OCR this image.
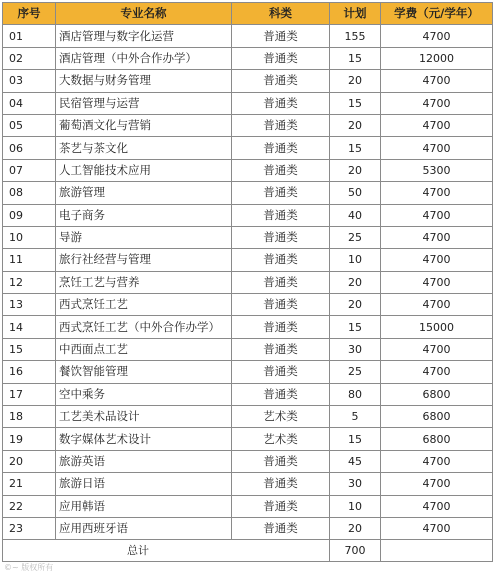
序号	专业名称	科类	计划	学费（元/学年）
01	酒店管理与数字化运营	普通类	155	4700
02	酒店管理（中外合作办学）	普通类	15	12000
03	大数据与财务管理	普通类	20	4700
04	民宿管理与运营	普通类	15	4700
05	葡萄酒文化与营销	普通类	20	4700
06	茶艺与茶文化	普通类	15	4700
07	人工智能技术应用	普通类	20	5300
08	旅游管理	普通类	50	4700
09	电子商务	普通类	40	4700
10	导游	普通类	25	4700
11	旅行社经营与管理	普通类	10	4700
12	烹饪工艺与营养	普通类	20	4700
13	西式烹饪工艺	普通类	20	4700
14	西式烹饪工艺（中外合作办学）	普通类	15	15000
15	中西面点工艺	普通类	30	4700
16	餐饮智能管理	普通类	25	4700
17	空中乘务	普通类	80	6800
18	工艺美术品设计	艺术类	5	6800
19	数字媒体艺术设计	艺术类	15	6800
20	旅游英语	普通类	45	4700
21	旅游日语	普通类	30	4700
22	应用韩语	普通类	10	4700
23	应用西班牙语	普通类	20	4700
总计			700	
©~ 版权所有
